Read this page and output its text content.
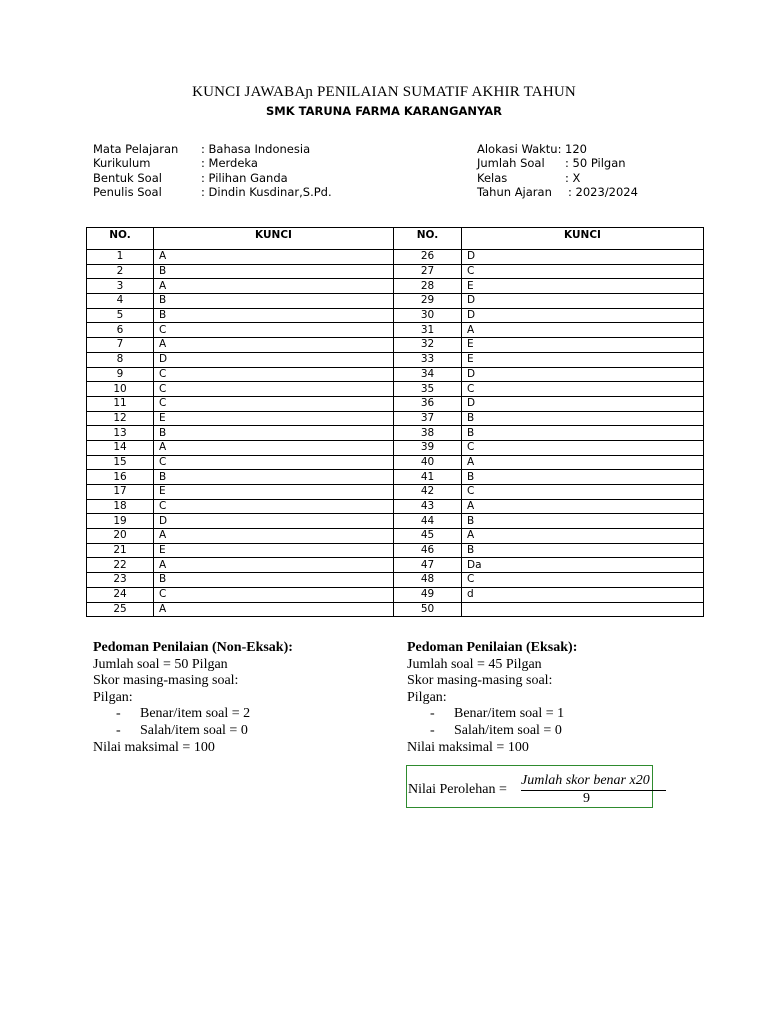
KUNCI JAWABAɲ PENILAIAN SUMATIF AKHIR TAHUN
SMK TARUNA FARMA KARANGANYAR
Mata Pelajaran	: Bahasa Indonesia
Kurikulum	: Merdeka
Bentuk Soal	: Pilihan Ganda
Penulis Soal	: Dindin Kusdinar,S.Pd.
Alokasi Waktu: 120
Jumlah Soal	: 50 Pilgan
Kelas	: X
Tahun Ajaran	: 2023/2024
NO.	KUNCI	NO.	KUNCI
1	A	26	D
2	B	27	C
3	A	28	E
4	B	29	D
5	B	30	D
6	C	31	A
7	A	32	E
8	D	33	E
9	C	34	D
10	C	35	C
11	C	36	D
12	E	37	B
13	B	38	B
14	A	39	C
15	C	40	A
16	B	41	B
17	E	42	C
18	C	43	A
19	D	44	B
20	A	45	A
21	E	46	B
22	A	47	Da
23	B	48	C
24	C	49	d
25	A	50	
Pedoman Penilaian (Non-Eksak):
Jumlah soal = 50 Pilgan
Skor masing-masing soal:
Pilgan:
-	Benar/item soal = 2
-	Salah/item soal = 0
Nilai maksimal = 100
Pedoman Penilaian (Eksak):
Jumlah soal = 45 Pilgan
Skor masing-masing soal:
Pilgan:
-	Benar/item soal = 1
-	Salah/item soal = 0
Nilai maksimal = 100
Nilai Perolehan =
Jumlah skor benar x20
9
